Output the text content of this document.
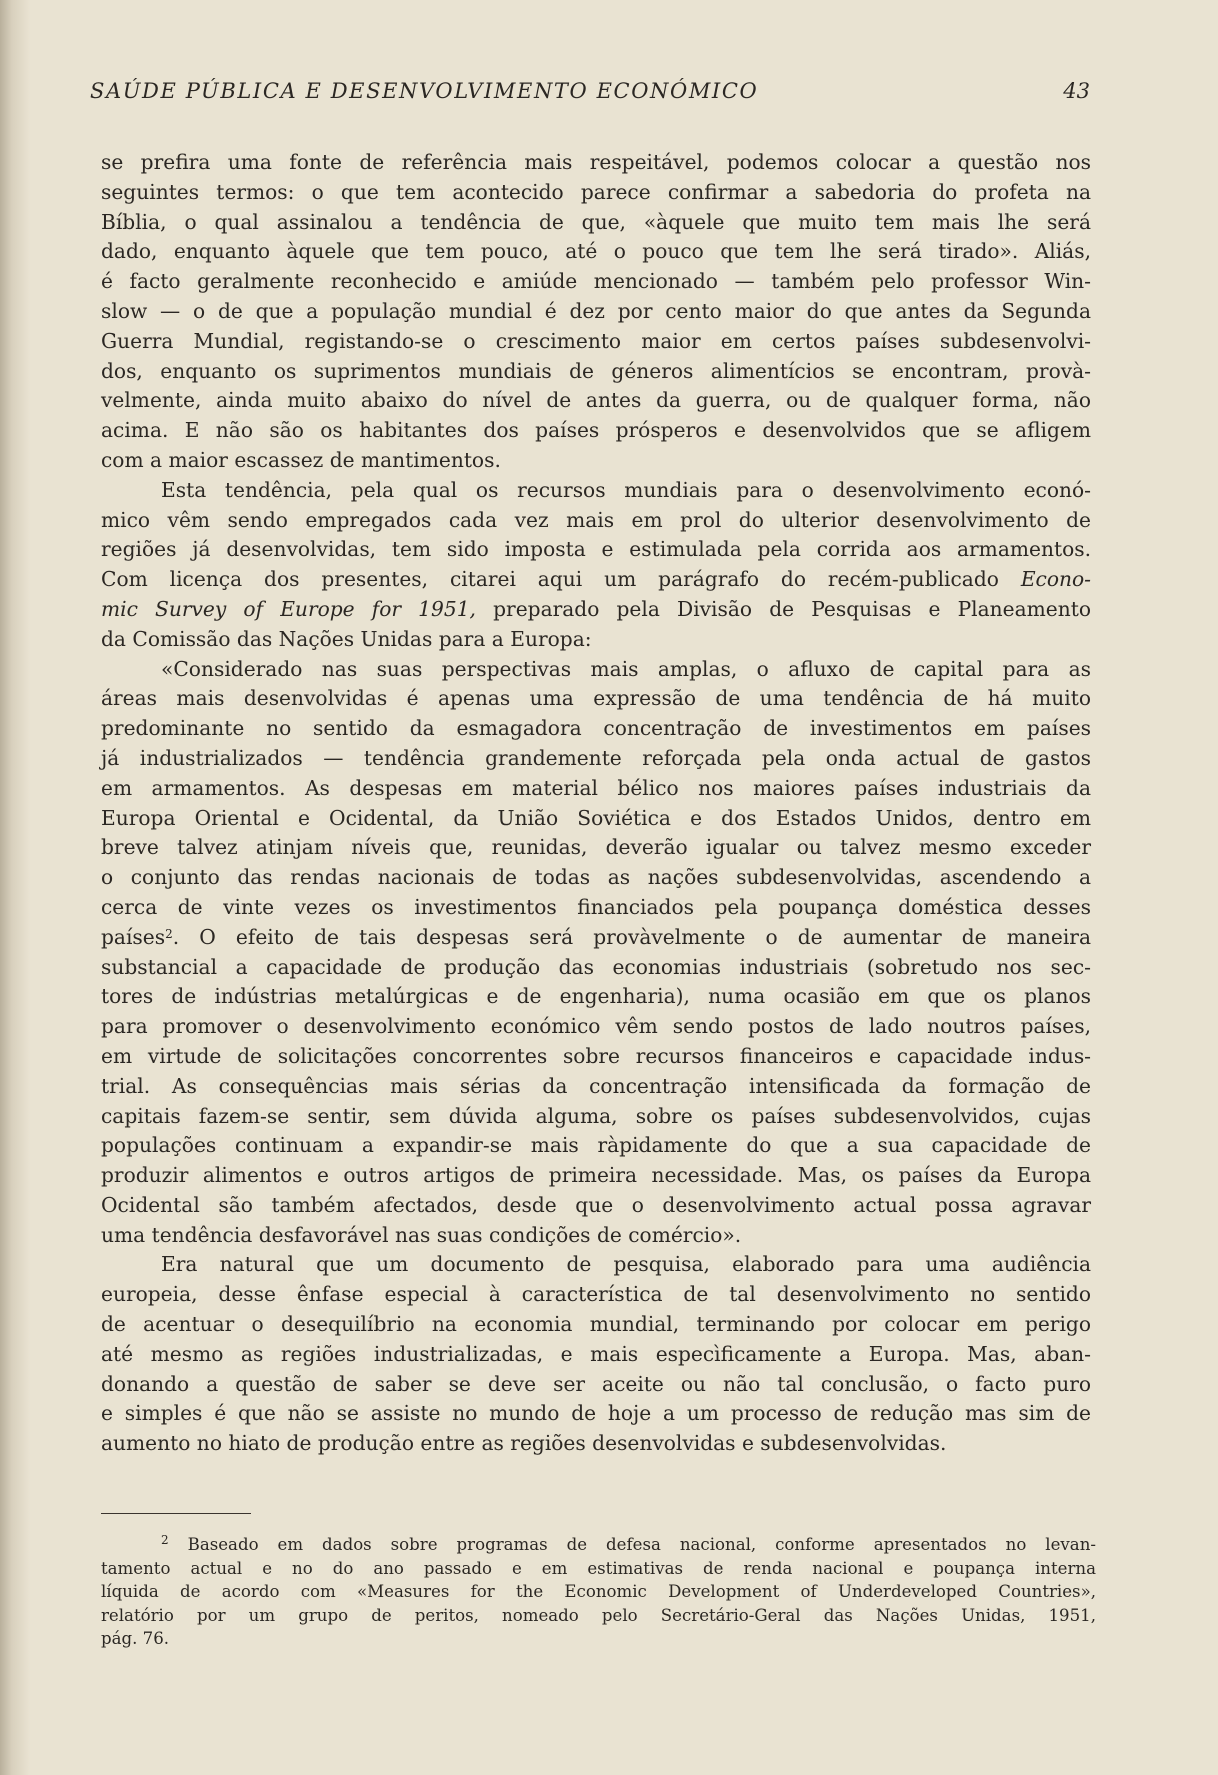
SAÚDE PÚBLICA E DESENVOLVIMENTO ECONÓMICO	43
se prefira uma fonte de referência mais respeitável, podemos colocar a questão nos
seguintes termos: o que tem acontecido parece confirmar a sabedoria do profeta na
Bíblia, o qual assinalou a tendência de que, «àquele que muito tem mais lhe será
dado, enquanto àquele que tem pouco, até o pouco que tem lhe será tirado». Aliás,
é facto geralmente reconhecido e amiúde mencionado — também pelo professor Win-
slow — o de que a população mundial é dez por cento maior do que antes da Segunda
Guerra Mundial, registando-se o crescimento maior em certos países subdesenvolvi-
dos, enquanto os suprimentos mundiais de géneros alimentícios se encontram, provà-
velmente, ainda muito abaixo do nível de antes da guerra, ou de qualquer forma, não
acima. E não são os habitantes dos países prósperos e desenvolvidos que se afligem
com a maior escassez de mantimentos.
Esta tendência, pela qual os recursos mundiais para o desenvolvimento econó-
mico vêm sendo empregados cada vez mais em prol do ulterior desenvolvimento de
regiões já desenvolvidas, tem sido imposta e estimulada pela corrida aos armamentos.
Com licença dos presentes, citarei aqui um parágrafo do recém-publicado Econo-
mic Survey of Europe for 1951, preparado pela Divisão de Pesquisas e Planeamento
da Comissão das Nações Unidas para a Europa:
«Considerado nas suas perspectivas mais amplas, o afluxo de capital para as
áreas mais desenvolvidas é apenas uma expressão de uma tendência de há muito
predominante no sentido da esmagadora concentração de investimentos em países
já industrializados — tendência grandemente reforçada pela onda actual de gastos
em armamentos. As despesas em material bélico nos maiores países industriais da
Europa Oriental e Ocidental, da União Soviética e dos Estados Unidos, dentro em
breve talvez atinjam níveis que, reunidas, deverão igualar ou talvez mesmo exceder
o conjunto das rendas nacionais de todas as nações subdesenvolvidas, ascendendo a
cerca de vinte vezes os investimentos financiados pela poupança doméstica desses
países$^2$. O efeito de tais despesas será provàvelmente o de aumentar de maneira
substancial a capacidade de produção das economias industriais (sobretudo nos sec-
tores de indústrias metalúrgicas e de engenharia), numa ocasião em que os planos
para promover o desenvolvimento económico vêm sendo postos de lado noutros países,
em virtude de solicitações concorrentes sobre recursos financeiros e capacidade indus-
trial. As consequências mais sérias da concentração intensificada da formação de
capitais fazem-se sentir, sem dúvida alguma, sobre os países subdesenvolvidos, cujas
populações continuam a expandir-se mais ràpidamente do que a sua capacidade de
produzir alimentos e outros artigos de primeira necessidade. Mas, os países da Europa
Ocidental são também afectados, desde que o desenvolvimento actual possa agravar
uma tendência desfavorável nas suas condições de comércio».
Era natural que um documento de pesquisa, elaborado para uma audiência
europeia, desse ênfase especial à característica de tal desenvolvimento no sentido
de acentuar o desequilíbrio na economia mundial, terminando por colocar em perigo
até mesmo as regiões industrializadas, e mais especìficamente a Europa. Mas, aban-
donando a questão de saber se deve ser aceite ou não tal conclusão, o facto puro
e simples é que não se assiste no mundo de hoje a um processo de redução mas sim de
aumento no hiato de produção entre as regiões desenvolvidas e subdesenvolvidas.
$^2$ Baseado em dados sobre programas de defesa nacional, conforme apresentados no levan-
tamento actual e no do ano passado e em estimativas de renda nacional e poupança interna
líquida de acordo com «Measures for the Economic Development of Underdeveloped Countries»,
relatório por um grupo de peritos, nomeado pelo Secretário-Geral das Nações Unidas, 1951,
pág. 76.
